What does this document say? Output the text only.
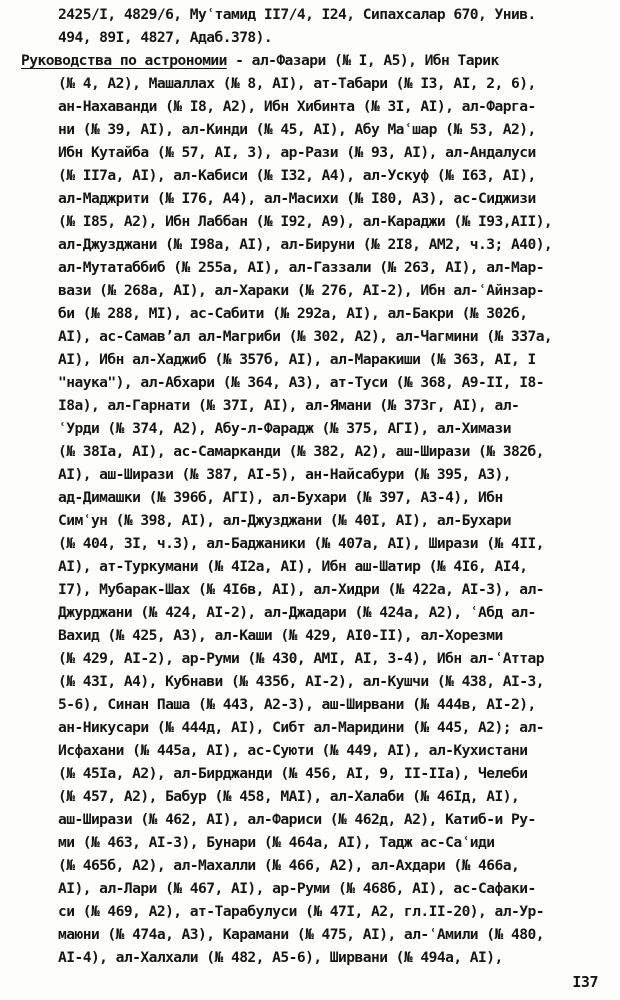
2425/I, 4829/6, Муʿтамид II7/4, I24, Сипахсалар 670, Унив.
494, 89I, 4827, Адаб.378).
Руководства по астрономии - ал-Фазари (№ I, А5), Ибн Тарик
(№ 4, А2), Машаллах (№ 8, АI), ат-Табари (№ I3, АI, 2, 6),
ан-Нахаванди (№ I8, А2), Ибн Хибинта (№ 3I, АI), ал-Фарга-
ни (№ 39, АI), ал-Кинди (№ 45, АI), Абу Маʿшар (№ 53, А2),
Ибн Кутайба (№ 57, АI, 3), ар-Рази (№ 93, АI), ал-Андалуси
(№ II7а, АI), ал-Кабиси (№ I32, А4), ал-Ускуф (№ I63, АI),
ал-Маджрити (№ I76, А4), ал-Масихи (№ I80, А3), ас-Сиджизи
(№ I85, А2), Ибн Лаббан (№ I92, А9), ал-Караджи (№ I93,АII),
ал-Джузджани (№ I98а, АI), ал-Бируни (№ 2I8, АМ2, ч.3; А40),
ал-Мутатаббиб (№ 255а, АI), ал-Газзали (№ 263, АI), ал-Мар-
вази (№ 268а, АI), ал-Хараки (№ 276, АI-2), Ибн ал-ʿАйнзар-
би (№ 288, МI), ас-Сабити (№ 292а, АI), ал-Бакри (№ 302б,
АI), ас-Самавʼал ал-Магриби (№ 302, А2), ал-Чагмини (№ 337а,
АI), Ибн ал-Хаджиб (№ 357б, АI), ал-Маракиши (№ 363, АI, I
"наука"), ал-Абхари (№ 364, А3), ат-Туси (№ 368, А9-II, I8-
I8а), ал-Гарнати (№ 37I, АI), ал-Ямани (№ 373г, АI), ал-
ʿУрди (№ 374, А2), Абу-л-Фарадж (№ 375, АГI), ал-Химази
(№ 38Iа, АI), ас-Самарканди (№ 382, А2), аш-Ширази (№ 382б,
АI), аш-Ширази (№ 387, АI-5), ан-Найсабури (№ 395, А3),
ад-Димашки (№ 396б, АГI), ал-Бухари (№ 397, А3-4), Ибн
Симʿун (№ 398, АI), ал-Джузджани (№ 40I, АI), ал-Бухари
(№ 404, 3I, ч.3), ал-Баджаники (№ 407а, АI), Ширази (№ 4II,
АI), ат-Туркумани (№ 4I2а, АI), Ибн аш-Шатир (№ 4I6, АI4,
I7), Мубарак-Шах (№ 4I6в, АI), ал-Хидри (№ 422а, АI-3), ал-
Джурджани (№ 424, АI-2), ал-Джадари (№ 424а, А2), ʿАбд ал-
Вахид (№ 425, А3), ал-Каши (№ 429, АI0-II), ал-Хорезми
(№ 429, АI-2), ар-Руми (№ 430, АМI, АI, 3-4), Ибн ал-ʿАттар
(№ 43I, А4), Кубнави (№ 435б, АI-2), ал-Кушчи (№ 438, АI-3,
5-6), Синан Паша (№ 443, А2-3), аш-Ширвани (№ 444в, АI-2),
ан-Никусари (№ 444д, АI), Сибт ал-Маридини (№ 445, А2); ал-
Исфахани (№ 445а, АI), ас-Суюти (№ 449, АI), ал-Кухистани
(№ 45Iа, А2), ал-Бирджанди (№ 456, АI, 9, II-IIа), Челеби
(№ 457, А2), Бабур (№ 458, МАI), ал-Халаби (№ 46Iд, АI),
аш-Ширази (№ 462, АI), ал-Фариси (№ 462д, А2), Катиб-и Ру-
ми (№ 463, АI-3), Бунари (№ 464а, АI), Тадж ас-Саʿиди
(№ 465б, А2), ал-Махалли (№ 466, А2), ал-Ахдари (№ 466а,
АI), ал-Лари (№ 467, АI), ар-Руми (№ 468б, АI), ас-Сафаки-
си (№ 469, А2), ат-Тарабулуси (№ 47I, А2, гл.II-20), ал-Ур-
маюни (№ 474а, А3), Карамани (№ 475, АI), ал-ʿАмили (№ 480,
АI-4), ал-Халхали (№ 482, А5-6), Ширвани (№ 494а, АI),
I37
